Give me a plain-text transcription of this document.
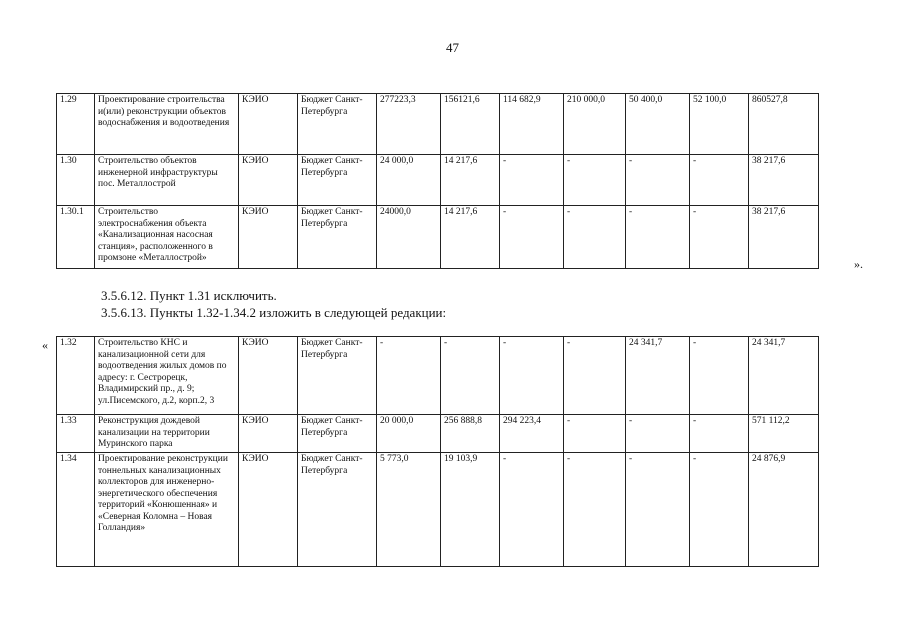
47
1.29	Проектирование строительства и(или) реконструкции объектов водоснабжения и водоотведения	КЭИО	Бюджет Санкт-Петербурга	277223,3	156121,6	114 682,9	210 000,0	50 400,0	52 100,0	860527,8
1.30	Строительство объектов инженерной инфраструктуры пос. Металлострой	КЭИО	Бюджет Санкт-Петербурга	24 000,0	14 217,6	-	-	-	-	38 217,6
1.30.1	Строительство электроснабжения объекта «Канализационная насосная станция», расположенного в промзоне «Металлострой»	КЭИО	Бюджет Санкт-Петербурга	24000,0	14 217,6	-	-	-	-	38 217,6
».
3.5.6.12. Пункт 1.31 исключить.
3.5.6.13. Пункты 1.32-1.34.2 изложить в следующей редакции:
« 1.32	Строительство КНС и канализационной сети для водоотведения жилых домов по адресу: г. Сестрорецк, Владимирский пр., д. 9; ул.Писемского, д.2, корп.2, 3	КЭИО	Бюджет Санкт-Петербурга	-	-	-	-	24 341,7	-	24 341,7
1.33	Реконструкция дождевой канализации на территории Муринского парка	КЭИО	Бюджет Санкт-Петербурга	20 000,0	256 888,8	294 223,4	-	-	-	571 112,2
1.34	Проектирование реконструкции тоннельных канализационных коллекторов для инженерно-энергетического обеспечения территорий «Конюшенная» и «Северная Коломна – Новая Голландия»	КЭИО	Бюджет Санкт-Петербурга	5 773,0	19 103,9	-	-	-	-	24 876,9
